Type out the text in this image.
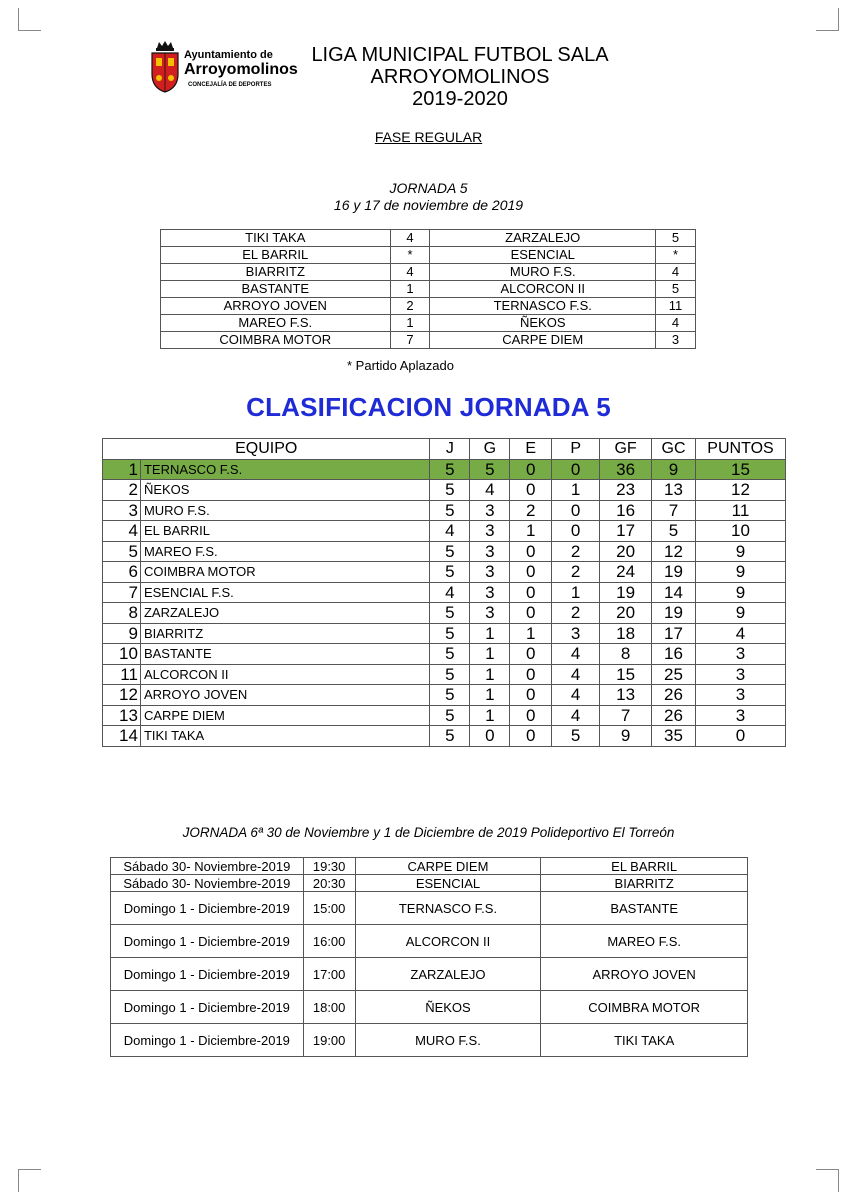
Ayuntamiento de
Arroyomolinos
CONCEJALÍA DE DEPORTES
LIGA MUNICIPAL FUTBOL SALA
ARROYOMOLINOS
2019-2020
FASE REGULAR
JORNADA 5
16 y 17 de noviembre de 2019
TIKI TAKA	4	ZARZALEJO	5
EL BARRIL	*	ESENCIAL	*
BIARRITZ	4	MURO F.S.	4
BASTANTE	1	ALCORCON II	5
ARROYO JOVEN	2	TERNASCO F.S.	11
MAREO F.S.	1	ÑEKOS	4
COIMBRA MOTOR	7	CARPE DIEM	3
* Partido Aplazado
CLASIFICACION JORNADA 5
EQUIPO		J	G	E	P	GF	GC	PUNTOS
1	TERNASCO F.S.	5	5	0	0	36	9	15
2	ÑEKOS	5	4	0	1	23	13	12
3	MURO F.S.	5	3	2	0	16	7	11
4	EL BARRIL	4	3	1	0	17	5	10
5	MAREO F.S.	5	3	0	2	20	12	9
6	COIMBRA MOTOR	5	3	0	2	24	19	9
7	ESENCIAL F.S.	4	3	0	1	19	14	9
8	ZARZALEJO	5	3	0	2	20	19	9
9	BIARRITZ	5	1	1	3	18	17	4
10	BASTANTE	5	1	0	4	8	16	3
11	ALCORCON II	5	1	0	4	15	25	3
12	ARROYO JOVEN	5	1	0	4	13	26	3
13	CARPE DIEM	5	1	0	4	7	26	3
14	TIKI TAKA	5	0	0	5	9	35	0
JORNADA 6ª 30 de Noviembre y 1 de Diciembre de 2019 Polideportivo El Torreón
Sábado 30- Noviembre-2019	19:30	CARPE DIEM	EL BARRIL
Sábado 30- Noviembre-2019	20:30	ESENCIAL	BIARRITZ
Domingo 1 - Diciembre-2019	15:00	TERNASCO F.S.	BASTANTE
Domingo 1 - Diciembre-2019	16:00	ALCORCON II	MAREO F.S.
Domingo 1 - Diciembre-2019	17:00	ZARZALEJO	ARROYO JOVEN
Domingo 1 - Diciembre-2019	18:00	ÑEKOS	COIMBRA MOTOR
Domingo 1 - Diciembre-2019	19:00	MURO F.S.	TIKI TAKA
